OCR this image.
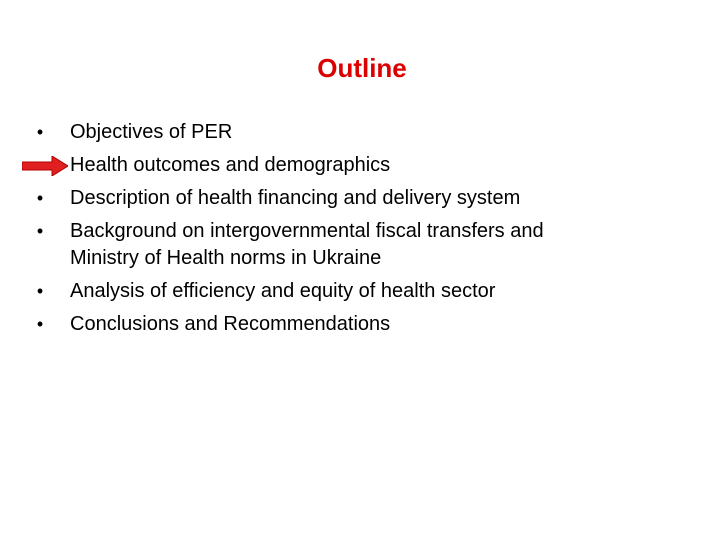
Outline
•	Objectives of PER
Health outcomes and demographics
•	Description of health financing and delivery system
•	Background on intergovernmental fiscal transfers and
Ministry of Health norms in Ukraine
•	Analysis of efficiency and equity of health sector
•	Conclusions and Recommendations
